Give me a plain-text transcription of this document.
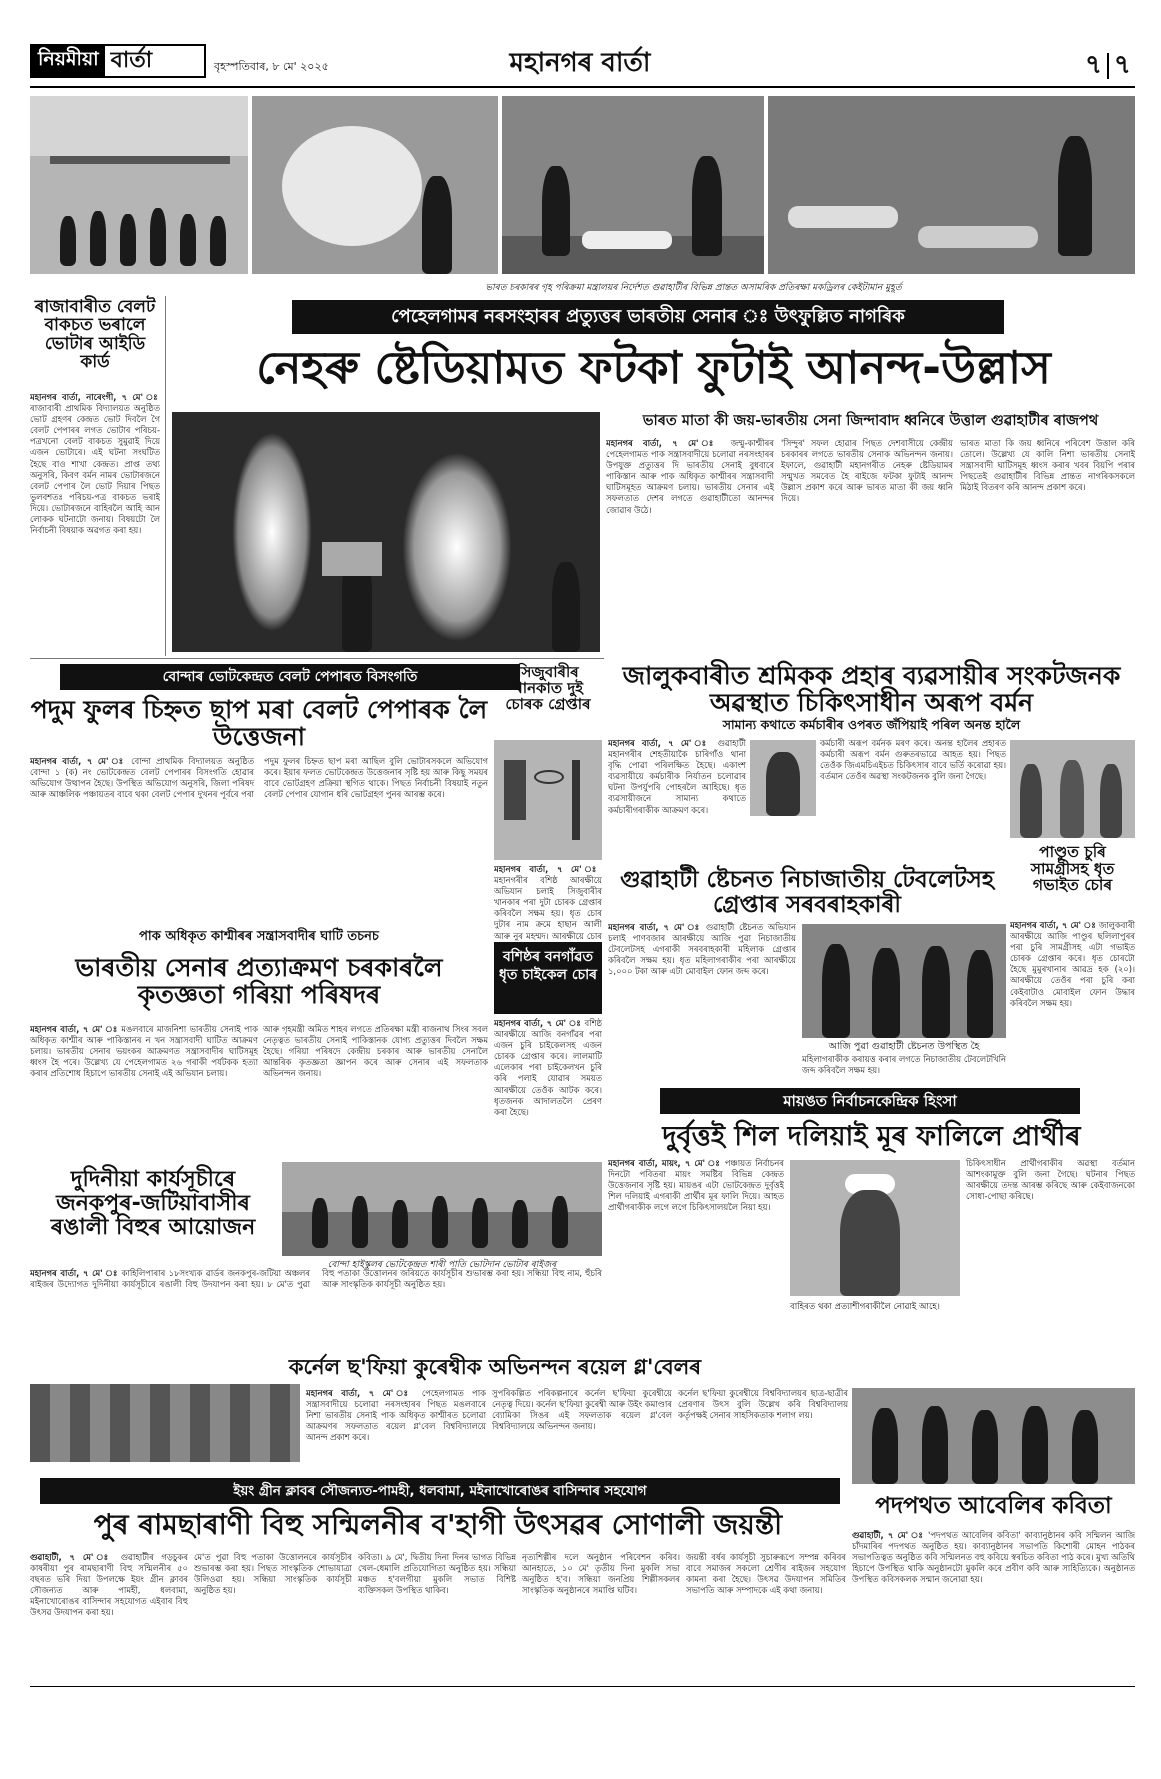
নিয়মীয়া বাৰ্তা	বৃহস্পতিবাৰ, ৮ মে' ২০২৫	মহানগৰ বাৰ্তা	৭ ৭
ভাৰত চৰকাৰৰ গৃহ পৰিক্ৰমা মন্ত্ৰালয়ৰ নিৰ্দেশত গুৱাহাটীৰ বিভিন্ন প্ৰান্তত অসামৰিক প্ৰতিৰক্ষা মকড্ৰিলৰ কেইটামান মুহূৰ্ত
ৰাজাবাৰীত বেলট বাকচত ভৰালে ভোটাৰ আইডি কাৰ্ড
মহানগৰ বাৰ্তা, নাৰেংগী, ৭ মে' ঃ ৰাজাবাৰী প্ৰাথমিক বিদ্যালয়ত অনুষ্ঠিত ভোট গ্ৰহণৰ কেন্দ্ৰত ভোট দিবলৈ গৈ বেলট পেপাৰৰ লগত ভোটাৰ পৰিচয়-পত্ৰখনো বেলট বাকচত সুমুৱাই দিয়ে এজন ভোটাৰে। এই ঘটনা সংঘটিত হৈছে বাও শাখা কেন্দ্ৰত। প্ৰাপ্ত তথ্য অনুসৰি, কিবণ বৰ্মন নামৰ ভোটাৰজনে বেলট পেপাৰ লৈ ভোট দিয়াৰ পিছত ভুলবশতঃ পৰিচয়-পত্ৰ বাকচত ভৰাই দিয়ে। ভোটাৰজনে বাহিৰলৈ আহি আন লোকক ঘটনাটো জনায়। বিষয়টো লৈ নিৰ্বাচনী বিষয়াক অৱগত কৰা হয়।
পেহেলগামৰ নৰসংহাৰৰ প্ৰত্যুত্তৰ ভাৰতীয় সেনাৰ ঃ উৎফুল্লিত নাগৰিক
নেহৰু ষ্টেডিয়ামত ফটকা ফুটাই আনন্দ-উল্লাস
ভাৰত মাতা কী জয়-ভাৰতীয় সেনা জিন্দাবাদ ধ্বনিৰে উত্তাল গুৱাহাটীৰ ৰাজপথ
মহানগৰ বাৰ্তা, ৭ মে' ঃ জম্মু-কাশ্মীৰৰ পেহেলগামত পাক সন্ত্ৰাসবাদীয়ে চলোৱা নৰসংহাৰৰ উপযুক্ত প্ৰত্যুত্তৰ দি ভাৰতীয় সেনাই বুধবাৰে পাকিস্তান আৰু পাক অধিকৃত কাশ্মীৰৰ সন্ত্ৰাসবাদী ঘাটিসমূহত আক্ৰমণ চলায়। ভাৰতীয় সেনাৰ এই সফলতাত দেশৰ লগতে গুৱাহাটীতো আনন্দৰ জোৱাৰ উঠে।
'সিন্দুৰ' সফল হোৱাৰ পিছত দেশবাসীয়ে কেন্দ্ৰীয় চৰকাৰৰ লগতে ভাৰতীয় সেনাক অভিনন্দন জনায়। ইফালে, গুৱাহাটী মহানগৰীত নেহৰু ষ্টেডিয়ামৰ সন্মুখত সমবেত হৈ ৰাইজে ফটকা ফুটাই আনন্দ উল্লাস প্ৰকাশ কৰে আৰু ভাৰত মাতা কী জয় ধ্বনি দিয়ে।
ভাৰত মাতা কি জয় ধ্বনিৰে পৰিবেশ উত্তাল কৰি তোলে। উল্লেখ্য যে কালি নিশা ভাৰতীয় সেনাই সন্ত্ৰাসবাদী ঘাটিসমূহ ধ্বংস কৰাৰ খবৰ বিয়পি পৰাৰ পিছতেই গুৱাহাটীৰ বিভিন্ন প্ৰান্তত নাগৰিকসকলে মিঠাই বিতৰণ কৰি আনন্দ প্ৰকাশ কৰে।
বোন্দাৰ ভোটকেন্দ্ৰত বেলট পেপাৰত বিসংগতি
পদুম ফুলৰ চিহ্নত ছাপ মৰা বেলট পেপাৰক লৈ উত্তেজনা
মহানগৰ বাৰ্তা, ৭ মে' ঃ বোন্দা প্ৰাথমিক বিদ্যালয়ত অনুষ্ঠিত বোন্দা ১ (ক) নং ভোটকেন্দ্ৰত বেলট পেপাৰৰ বিসংগতি হোৱাৰ অভিযোগ উত্থাপন হৈছে। উপস্থিত অভিযোগ অনুসৰি, জিলা পৰিষদ আৰু আঞ্চলিক পঞ্চায়তৰ বাবে থকা বেলট পেপাৰ দুখনৰ পূৰ্বৰে পৰা পদুম ফুলৰ চিহ্নত ছাপ মৰা আছিল বুলি ভোটাৰসকলে অভিযোগ কৰে। ইয়াৰ ফলত ভোটকেন্দ্ৰত উত্তেজনাৰ সৃষ্টি হয় আৰু কিছু সময়ৰ বাবে ভোটগ্ৰহণ প্ৰক্ৰিয়া স্থগিত থাকে। পিছত নিৰ্বাচনী বিষয়াই নতুন বেলট পেপাৰ যোগান ধৰি ভোটগ্ৰহণ পুনৰ আৰম্ভ কৰে।
সিজুবাৰীৰ খানকাত দুই চোৰক গ্ৰেপ্তাৰ
মহানগৰ বাৰ্তা, ৭ মে' ঃ মহানগৰীৰ বশিষ্ঠ আৰক্ষীয়ে অভিযান চলাই সিজুবাৰীৰ খানকাৰ পৰা দুটা চোৰক গ্ৰেপ্তাৰ কৰিবলৈ সক্ষম হয়। ধৃত চোৰ দুটাৰ নাম ক্ৰমে হাছান আলী আৰু নুৰ মহম্মদ। আৰক্ষীয়ে চোৰ
পাক অধিকৃত কাশ্মীৰৰ সন্ত্ৰাসবাদীৰ ঘাটি তচনচ
ভাৰতীয় সেনাৰ প্ৰত্যাক্ৰমণ চৰকাৰলৈ কৃতজ্ঞতা গৰিয়া পৰিষদৰ
মহানগৰ বাৰ্তা, ৭ মে' ঃ মঙলবাৰে মাজনিশা ভাৰতীয় সেনাই পাক অধিকৃত কাশ্মীৰ আৰু পাকিস্তানৰ ন খন সন্ত্ৰাসবাদী ঘাটিত আক্ৰমণ চলায়। ভাৰতীয় সেনাৰ ভয়ংকৰ আক্ৰমণত সন্ত্ৰাসবাদীৰ ঘাটিসমূহ ধ্বংস হৈ পৰে। উল্লেখ্য যে পেহেলগামত ২৬ গৰাকী পৰ্যটকক হত্যা কৰাৰ প্ৰতিশোধ হিচাপে ভাৰতীয় সেনাই এই অভিযান চলায়।
আৰু গৃহমন্ত্ৰী অমিত শাহৰ লগতে প্ৰতিৰক্ষা মন্ত্ৰী ৰাজনাথ সিংৰ সবল নেতৃত্বত ভাৰতীয় সেনাই পাকিস্তানক যোগ্য প্ৰত্যুত্তৰ দিবলৈ সক্ষম হৈছে। গৰিয়া পৰিষদে কেন্দ্ৰীয় চৰকাৰ আৰু ভাৰতীয় সেনালৈ আন্তৰিক কৃতজ্ঞতা জ্ঞাপন কৰে আৰু সেনাৰ এই সফলতাক অভিনন্দন জনায়।
বশিষ্ঠৰ বনগাঁৱত ধৃত চাইকেল চোৰ
মহানগৰ বাৰ্তা, ৭ মে' ঃ বশিষ্ঠ আৰক্ষীয়ে আজি বনগাঁৱৰ পৰা এজন চুৰি চাইকেলসহ এজন চোৰক গ্ৰেপ্তাৰ কৰে। লালমাটি এলেকাৰ পৰা চাইকেলখন চুৰি কৰি পলাই যোৱাৰ সময়ত আৰক্ষীয়ে তেওঁক আটক কৰে। ধৃতজনক আদালতলৈ প্ৰেৰণ কৰা হৈছে।
জালুকবাৰীত শ্ৰমিকক প্ৰহাৰ ব্যৱসায়ীৰ সংকটজনক অৱস্থাত চিকিৎসাধীন অৰূপ বৰ্মন
সামান্য কথাতে কৰ্মচাৰীৰ ওপৰত জঁপিয়াই পৰিল অনন্ত হালৈ
মহানগৰ বাৰ্তা, ৭ মে' ঃ গুৱাহাটী মহানগৰীৰ শেহতীয়াকৈ চাৰিগাঁও থানা বৃদ্ধি পোৱা পৰিলক্ষিত হৈছে। একাংশ ব্যৱসায়ীয়ে কৰ্মচাৰীক নিৰ্যাতন চলোৱাৰ ঘটনা উপৰ্যুপৰি পোহৰলৈ আহিছে। ধৃত ব্যৱসায়ীজনে সামান্য কথাতে কৰ্মচাৰীগৰাকীক আক্ৰমণ কৰে।
কৰ্মচাৰী অৰূপ বৰ্মনক মৰণ কৰে। অনন্ত হালৈৰ প্ৰহাৰত কৰ্মচাৰী অৰূপ বৰ্মন গুৰুতৰভাৱে আহত হয়। পিছত তেওঁক জিএমচিএইচত চিকিৎসাৰ বাবে ভৰ্তি কৰোৱা হয়। বৰ্তমান তেওঁৰ অৱস্থা সংকটজনক বুলি জনা গৈছে।
পাণ্ডুত চুৰি সামগ্ৰীসহ ধৃত গভাইত চোৰ
মহানগৰ বাৰ্তা, ৭ মে' ঃ জালুকবাৰী আৰক্ষীয়ে আজি পাণ্ডুৰ ছলিলাপুৰৰ পৰা চুৰি সামগ্ৰীসহ এটা গভাইত চোৰক গ্ৰেপ্তাৰ কৰে। ধৃত চোৰটো হৈছে মুমুৰখানাৰ আৱদ্ৰ হক (২০)। আৰক্ষীয়ে তেওঁৰ পৰা চুৰি কৰা কেইবাটাও মোবাইল ফোন উদ্ধাৰ কৰিবলৈ সক্ষম হয়।
গুৱাহাটী ষ্টেচনত নিচাজাতীয় টেবলেটসহ গ্ৰেপ্তাৰ সৰবৰাহকাৰী
মহানগৰ বাৰ্তা, ৭ মে' ঃ গুৱাহাটী ষ্টেচনত অভিযান চলাই পাণবজাৰ আৰক্ষীয়ে আজি পুৱা নিচাজাতীয় টেবলেটসহ এগৰাকী সৰবৰাহকাৰী মহিলাক গ্ৰেপ্তাৰ কৰিবলৈ সক্ষম হয়। ধৃত মহিলাগৰাকীৰ পৰা আৰক্ষীয়ে ১,০০০ টকা আৰু এটা মোবাইল ফোন জব্দ কৰে।
আজি পুৱা গুৱাহাটী ষ্টেচনত উপস্থিত হৈ
মহিলাগৰাকীক কৰায়ত্ত কৰাৰ লগতে নিচাজাতীয় টেবলেটখিনি জব্দ কৰিবলৈ সক্ষম হয়।
মায়ঙত নিৰ্বাচনকেন্দ্ৰিক হিংসা
দুৰ্বৃত্তই শিল দলিয়াই মূৰ ফালিলে প্ৰাৰ্থীৰ
মহানগৰ বাৰ্তা, মায়ং, ৭ মে' ঃ পঞ্চায়ত নিৰ্বাচনৰ দিনটো পবিতৰা মায়ং সমষ্টিৰ বিভিন্ন কেন্দ্ৰত উত্তেজনাৰ সৃষ্টি হয়। মায়ঙৰ এটা ভোটকেন্দ্ৰত দুৰ্বৃত্তই শিল দলিয়াই এগৰাকী প্ৰাৰ্থীৰ মূৰ ফালি দিয়ে। আহত প্ৰাৰ্থীগৰাকীক লগে লগে চিকিৎসালয়লৈ নিয়া হয়।
বাহিৰত থকা প্ৰত্যাশীগৰাকীলৈ নোৱাই আহে।
চিকিৎসাধীন প্ৰাৰ্থীগৰাকীৰ অৱস্থা বৰ্তমান আশংকামুক্ত বুলি জনা গৈছে। ঘটনাৰ পিছত আৰক্ষীয়ে তদন্ত আৰম্ভ কৰিছে আৰু কেইবাজনকো সোধা-পোছা কৰিছে।
দুদিনীয়া কাৰ্যসূচীৰে জনকপুৰ-জটিয়াবাসীৰ ৰঙালী বিহুৰ আয়োজন
মহানগৰ বাৰ্তা, ৭ মে' ঃ কাহিলিপাৰাৰ ১৮সংখ্যক ৱাৰ্ডৰ জনকপুৰ-জটিয়া অঞ্চলৰ ৰাইজৰ উদ্যোগত দুদিনীয়া কাৰ্যসূচীৰে ৰঙালী বিহু উদযাপন কৰা হয়। ৮ মে'ত পুৱা বিহু পতাকা উত্তোলনৰ জৰিয়তে কাৰ্যসূচীৰ শুভাৰম্ভ কৰা হয়। সন্ধিয়া বিহু নাম, হুঁচৰি আৰু সাংস্কৃতিক কাৰ্যসূচী অনুষ্ঠিত হয়।
বোন্দা হাইস্কুলৰ ভোটকেন্দ্ৰত শাৰী পাতি ভোটদান ভোটাৰ ৰাইজৰ
কৰ্নেল ছ'ফিয়া কুৰেশ্বীক অভিনন্দন ৰয়েল গ্ল'বেলৰ
মহানগৰ বাৰ্তা, ৭ মে' ঃ পেহেলগামত পাক সন্ত্ৰাসবাদীয়ে চলোৱা নৰসংহাৰৰ পিছত মঙলবাৰে নিশা ভাৰতীয় সেনাই পাক অধিকৃত কাশ্মীৰত চলোৱা আক্ৰমণৰ সফলতাত ৰয়েল গ্ল'বেল বিশ্ববিদ্যালয়ে আনন্দ প্ৰকাশ কৰে।
সুপৰিকল্পিত পৰিকল্পনাৰে কৰ্নেল ছ'ফিয়া কুৰেশ্বীয়ে নেতৃত্ব দিয়ে। কৰ্নেল ছ'ফিয়া কুৰেশ্বী আৰু উইং কমাণ্ডাৰ ব্যোমিকা সিঙৰ এই সফলতাক ৰয়েল গ্ল'বেল বিশ্ববিদ্যালয়ে অভিনন্দন জনায়।
কৰ্নেল ছ'ফিয়া কুৰেশ্বীয়ে বিশ্ববিদ্যালয়ৰ ছাত্ৰ-ছাত্ৰীৰ প্ৰেৰণাৰ উৎস বুলি উল্লেখ কৰি বিশ্ববিদ্যালয় কৰ্তৃপক্ষই সেনাৰ সাহসিকতাক শলাগ লয়।
পদপথত আবেলিৰ কবিতা
গুৱাহাটী, ৭ মে' ঃ 'পদপথত আবেলিৰ কবিতা' কাব্যানুষ্ঠানৰ কবি সন্মিলন আজি চাঁদমাৰিৰ পদপথত অনুষ্ঠিত হয়। কাব্যানুষ্ঠানৰ সভাপতি কিশোৰী মোহন পাঠকৰ সভাপতিত্বত অনুষ্ঠিত কবি সন্মিলনত বহু কবিয়ে স্বৰচিত কবিতা পাঠ কৰে। মুখ্য অতিথি হিচাপে উপস্থিত থাকি অনুষ্ঠানটো মুকলি কৰে প্ৰবীণ কবি আৰু সাহিত্যিকে। অনুষ্ঠানত উপস্থিত কবিসকলক সন্মান জনোৱা হয়।
ইয়ং গ্ৰীন ক্লাবৰ সৌজন্যত-পামহী, ধলবামা, মইনাখোৰোঙৰ বাসিন্দাৰ সহযোগ
পুৰ ৰামছাৰাণী বিহু সন্মিলনীৰ ব'হাগী উৎসৱৰ সোণালী জয়ন্তী
গুৱাহাটী, ৭ মে' ঃ গুৱাহাটীৰ গড়চুকৰ কাষৰীয়া পুৰ ৰামছাৰাণী বিহু সন্মিলনীৰ ৫০ বছৰত ভৰি দিয়া উপলক্ষে ইয়ং গ্ৰীন ক্লাবৰ সৌজন্যত আৰু পামহী, ধলবামা, মইনাখোৰোঙৰ বাসিন্দাৰ সহযোগত এইবাৰ বিহু উৎসৱ উদযাপন কৰা হয়।
মে'ত পুৱা বিহু পতাকা উত্তোলনৰে কাৰ্যসূচীৰ শুভাৰম্ভ কৰা হয়। পিছত সাংস্কৃতিক শোভাযাত্ৰা উলিওৱা হয়। সন্ধিয়া সাংস্কৃতিক কাৰ্যসূচী অনুষ্ঠিত হয়।
কবিতা। ৯ মে', দ্বিতীয় দিনা দিনৰ ভাগত বিভিন্ন খেল-ধেমালি প্ৰতিযোগিতা অনুষ্ঠিত হয়। সন্ধিয়া মঞ্চত হ'বলগীয়া মুকলি সভাত বিশিষ্ট ব্যক্তিসকল উপস্থিত থাকিব।
নৃত্যশিল্পীৰ দলে অনুষ্ঠান পৰিবেশন কৰিব। আনহাতে, ১০ মে' তৃতীয় দিনা মুকলি সভা অনুষ্ঠিত হ'ব। সন্ধিয়া জনপ্ৰিয় শিল্পীসকলৰ সাংস্কৃতিক অনুষ্ঠানৰে সমাপ্তি ঘটিব।
জয়ন্তী বৰ্ষৰ কাৰ্যসূচী সুচাৰুৰূপে সম্পন্ন কৰিবৰ বাবে সমাজৰ সকলো শ্ৰেণীৰ ৰাইজৰ সহযোগ কামনা কৰা হৈছে। উৎসৱ উদযাপন সমিতিৰ সভাপতি আৰু সম্পাদকে এই কথা জনায়।
